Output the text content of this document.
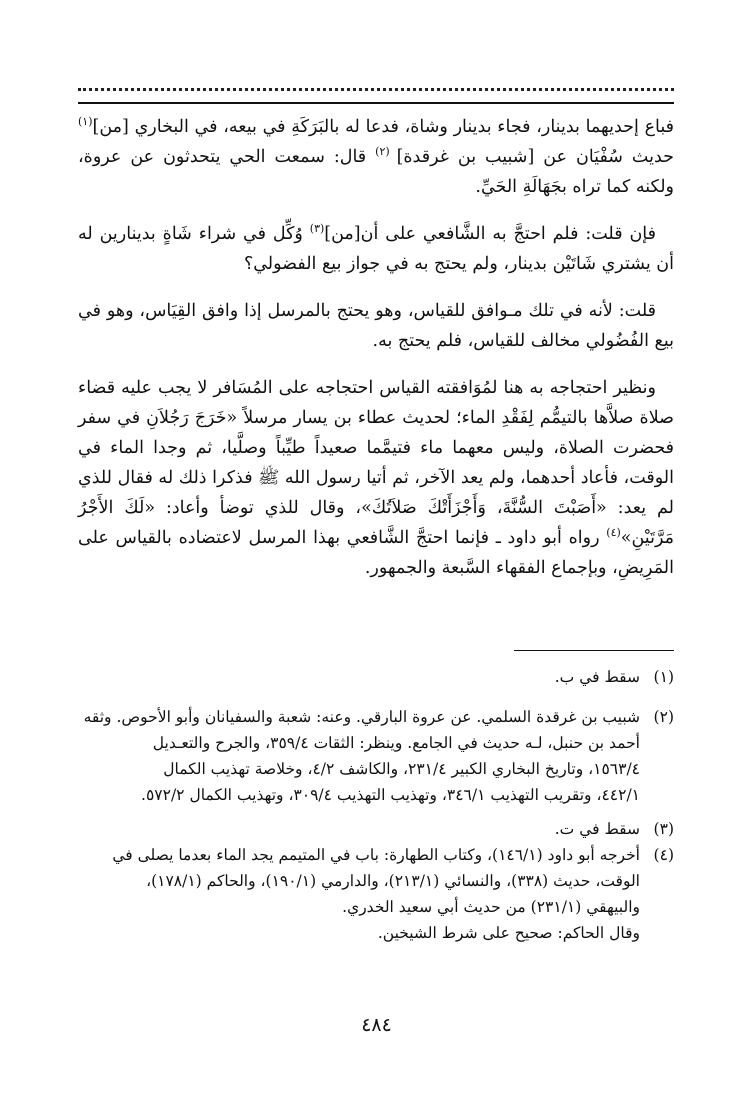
فباع إحديهما بدينار، فجاء بدينار وشاة، فدعا له بالبَرَكَةِ في بيعه، في البخاري [من]$^{(١)}$ حديث سُفْيَان عن [شبيب بن غرقدة] $^{(٢)}$ قال: سمعت الحي يتحدثون عن عروة، ولكنه كما تراه بجَهَالَةِ الحَيِّ.

فإن قلت: فلم احتجَّ به الشَّافعي على أن[من]$^{(٣)}$ وُكِّل في شراء شَاةٍ بدينارين له أن يشتري شَاتَيْن بدينار، ولم يحتج به في جواز بيع الفضولي؟

قلت: لأنه في تلك مـوافق للقياس، وهو يحتج بالمرسل إذا وافق القِيَاس، وهو في بيع الفُضُولي مخالف للقياس، فلم يحتج به.

ونظير احتجاجه به هنا لمُوَافقته القياس احتجاجه على المُسَافر لا يجب عليه قضاء صلاة صلاَّها بالتيمُّم لِفَقْدِ الماء؛ لحديث عطاء بن يسار مرسلاً «خَرَجَ رَجُلاَنِ في سفر فحضرت الصلاة، وليس معهما ماء فتيمَّما صعيداً طيِّباً وصلَّيا، ثم وجدا الماء في الوقت، فأعاد أحدهما، ولم يعد الآخر، ثم أتيا رسول الله ﷺ فذكرا ذلك له فقال للذي لم يعد: «أَصَبْتَ السُّنَّةَ، وَأَجْزَأَتْكَ صَلاَتُكَ»، وقال للذي توضأ وأعاد: «لَكَ الأَجْرُ مَرَّتَيْنِ»$^{(٤)}$ رواه أبو داود ـ فإنما احتجَّ الشَّافعي بهذا المرسل لاعتضاده بالقياس على المَرِيضِ، وبإجماع الفقهاء السَّبعة والجمهور.

(١)
سقط في ب.
(٢)
شبيب بن غرقدة السلمي. عن عروة البارقي. وعنه: شعبة والسفيانان وأبو الأحوص. وثقه
أحمد بن حنبل، لـه حديث في الجامع. وينظر: الثقات ٣٥٩/٤، والجرح والتعـديل
١٥٦٣/٤، وتاريخ البخاري الكبير ٢٣١/٤، والكاشف ٤/٢، وخلاصة تهذيب الكمال
٤٤٢/١، وتقريب التهذيب ٣٤٦/١، وتهذيب التهذيب ٣٠٩/٤، وتهذيب الكمال ٥٧٢/٢.
(٣)
سقط في ت.
(٤)
أخرجه أبو داود (١٤٦/١)، وكتاب الطهارة: باب في المتيمم يجد الماء بعدما يصلى في
الوقت، حديث (٣٣٨)، والنسائي (٢١٣/١)، والدارمي (١٩٠/١)، والحاكم (١٧٨/١)،
والبيهقي (٢٣١/١) من حديث أبي سعيد الخدري.
وقال الحاكم: صحيح على شرط الشيخين.
٤٨٤
